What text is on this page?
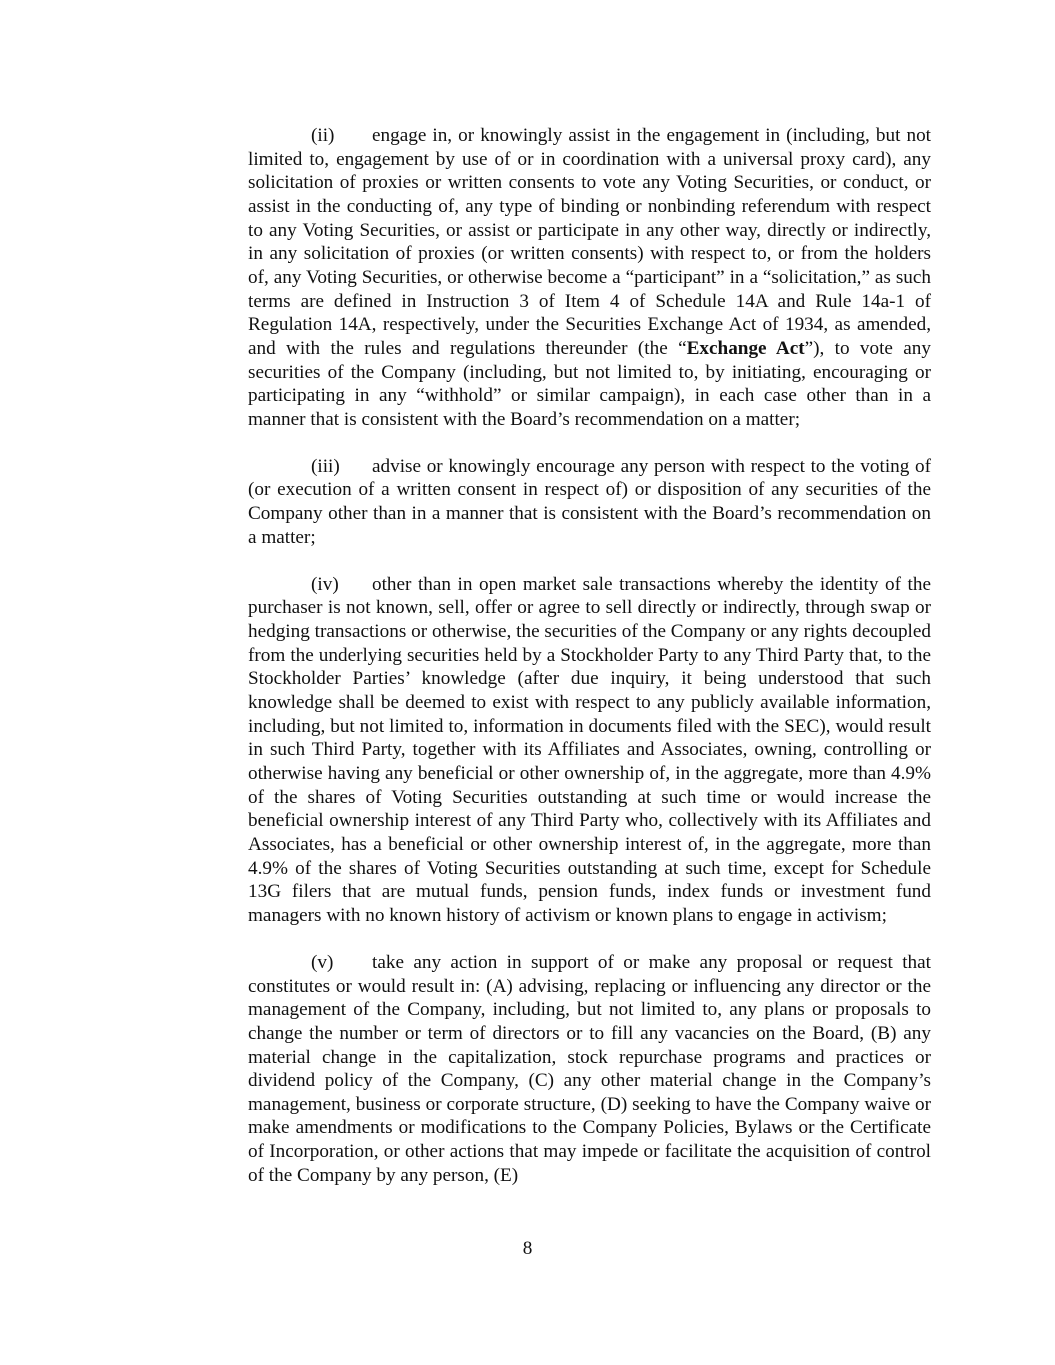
(ii) engage in, or knowingly assist in the engagement in (including, but not limited to, engagement by use of or in coordination with a universal proxy card), any solicitation of proxies or written consents to vote any Voting Securities, or conduct, or assist in the conducting of, any type of binding or nonbinding referendum with respect to any Voting Securities, or assist or participate in any other way, directly or indirectly, in any solicitation of proxies (or written consents) with respect to, or from the holders of, any Voting Securities, or otherwise become a “participant” in a “solicitation,” as such terms are defined in Instruction 3 of Item 4 of Schedule 14A and Rule 14a-1 of Regulation 14A, respectively, under the Securities Exchange Act of 1934, as amended, and with the rules and regulations thereunder (the “Exchange Act”), to vote any securities of the Company (including, but not limited to, by initiating, encouraging or participating in any “withhold” or similar campaign), in each case other than in a manner that is consistent with the Board’s recommendation on a matter;

(iii) advise or knowingly encourage any person with respect to the voting of (or execution of a written consent in respect of) or disposition of any securities of the Company other than in a manner that is consistent with the Board’s recommendation on a matter;

(iv) other than in open market sale transactions whereby the identity of the purchaser is not known, sell, offer or agree to sell directly or indirectly, through swap or hedging transactions or otherwise, the securities of the Company or any rights decoupled from the underlying securities held by a Stockholder Party to any Third Party that, to the Stockholder Parties’ knowledge (after due inquiry, it being understood that such knowledge shall be deemed to exist with respect to any publicly available information, including, but not limited to, information in documents filed with the SEC), would result in such Third Party, together with its Affiliates and Associates, owning, controlling or otherwise having any beneficial or other ownership of, in the aggregate, more than 4.9% of the shares of Voting Securities outstanding at such time or would increase the beneficial ownership interest of any Third Party who, collectively with its Affiliates and Associates, has a beneficial or other ownership interest of, in the aggregate, more than 4.9% of the shares of Voting Securities outstanding at such time, except for Schedule 13G filers that are mutual funds, pension funds, index funds or investment fund managers with no known history of activism or known plans to engage in activism;

(v) take any action in support of or make any proposal or request that constitutes or would result in: (A) advising, replacing or influencing any director or the management of the Company, including, but not limited to, any plans or proposals to change the number or term of directors or to fill any vacancies on the Board, (B) any material change in the capitalization, stock repurchase programs and practices or dividend policy of the Company, (C) any other material change in the Company’s management, business or corporate structure, (D) seeking to have the Company waive or make amendments or modifications to the Company Policies, Bylaws or the Certificate of Incorporation, or other actions that may impede or facilitate the acquisition of control of the Company by any person, (E)

8
